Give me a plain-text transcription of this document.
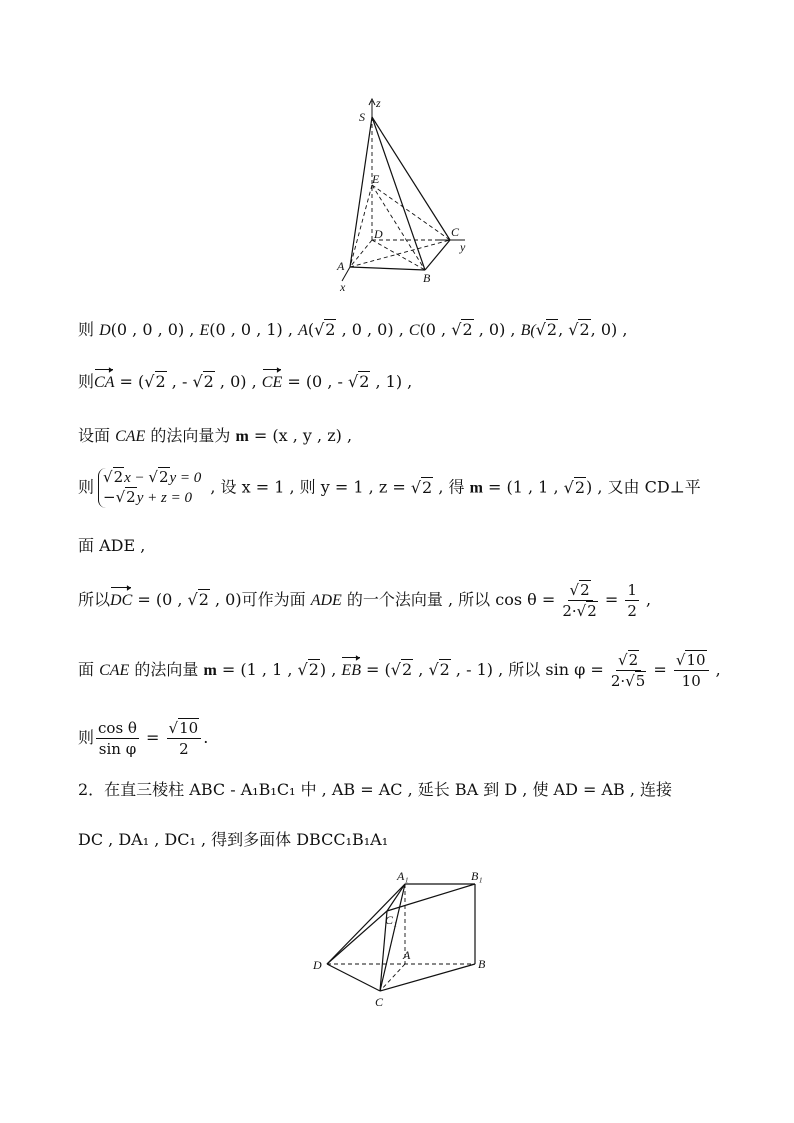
z
S
E
D	C
y
A
B
x
则 D(0 , 0 , 0) , E(0 , 0 , 1) , A(√2 , 0 , 0) , C(0 , √2 , 0) , B(√2, √2, 0) ,
则CA = (√2 , - √2 , 0) , CE = (0 , - √2 , 1) ,
设面 CAE 的法向量为 m = (x , y , z) ,
则√2x − √2y = 0
−√2y + z = 0 , 设 x = 1 , 则 y = 1 , z = √2 , 得 m = (1 , 1 , √2) , 又由 CD⊥平
面 ADE ,
所以DC = (0 , √2 , 0)可作为面 ADE 的一个法向量 , 所以 $\cos \theta = \frac{√2}{2\cdot√2} = \frac{1}{2}$ ,
面 CAE 的法向量 m = (1 , 1 , √2) , EB = (√2 , √2 , - 1) , 所以 $\sin \varphi = \frac{√2}{2\cdot√5} = \frac{√10}{10}$ ,
则 $\frac{\text{cos θ}}{\text{sin φ}} = \frac{√10}{2}$ .
2．在直三棱柱 ABC - A₁B₁C₁ 中 , AB = AC , 延长 BA 到 D , 使 AD = AB , 连接
DC , DA₁ , DC₁ , 得到多面体 DBCC₁B₁A₁
A₁	B₁
C₁
D
A
B
C
